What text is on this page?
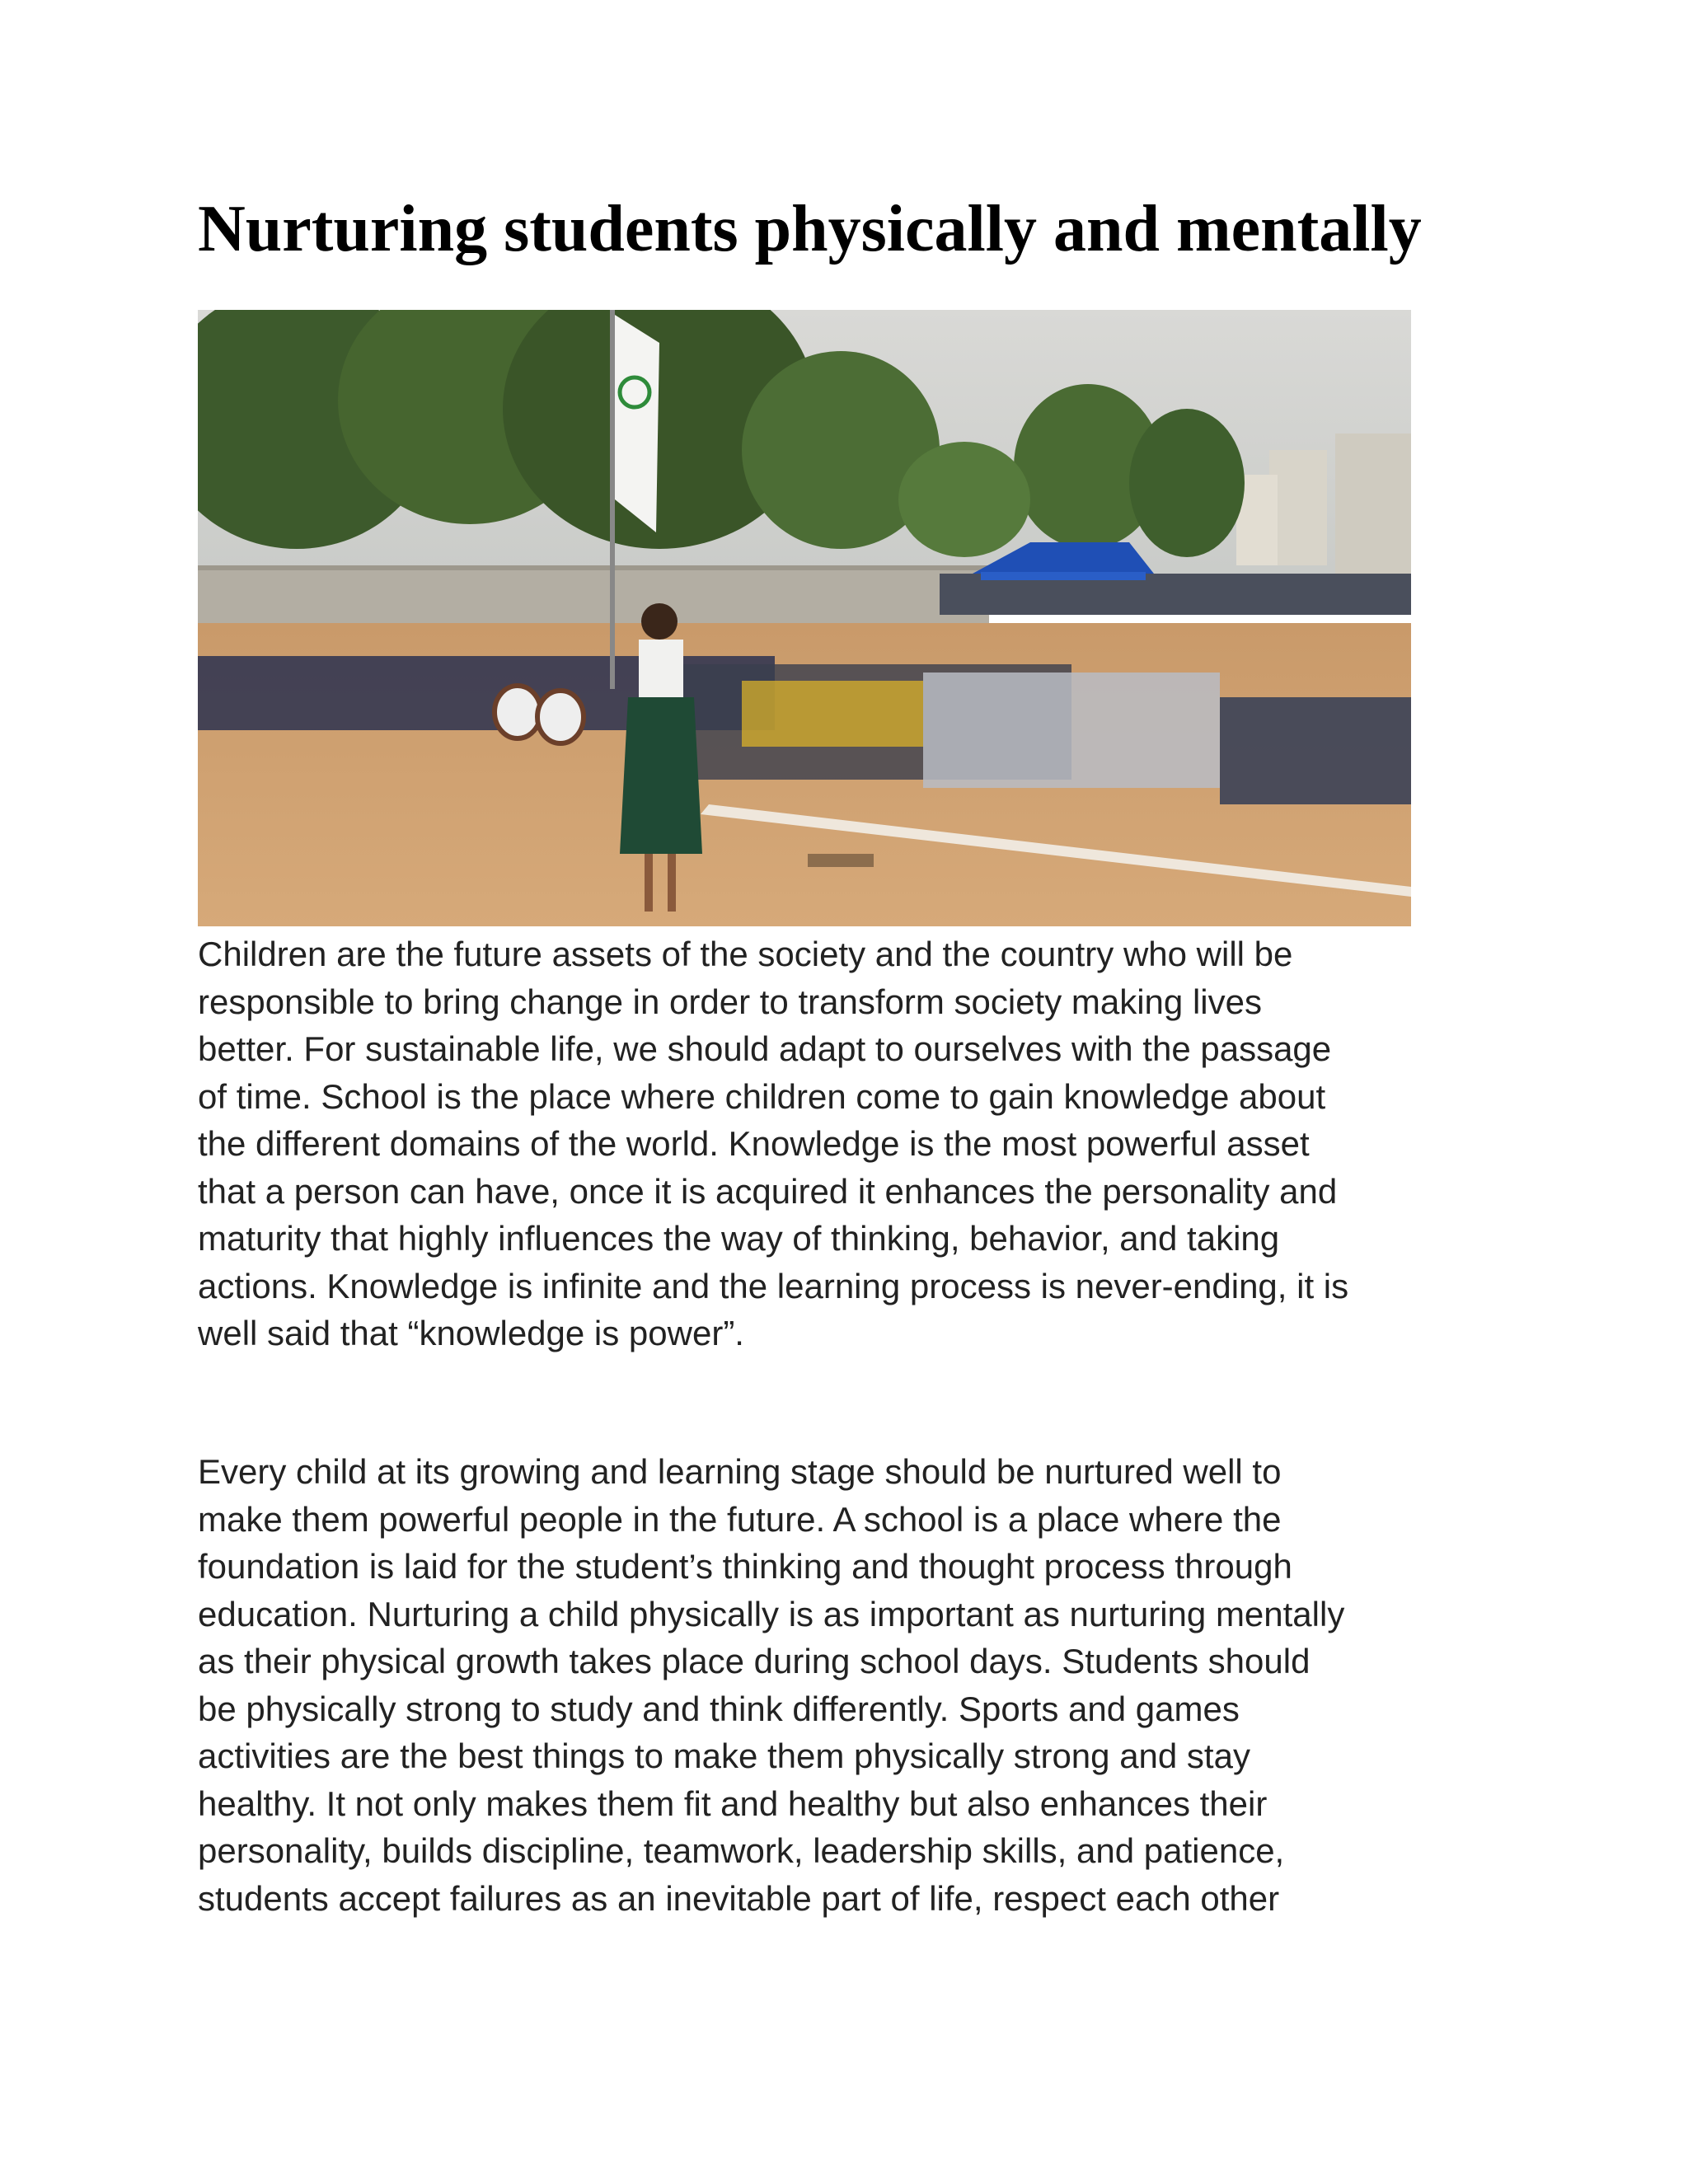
Nurturing students physically and mentally
Children are the future assets of the society and the country who will be
responsible to bring change in order to transform society making lives
better. For sustainable life, we should adapt to ourselves with the passage
of time. School is the place where children come to gain knowledge about
the different domains of the world. Knowledge is the most powerful asset
that a person can have, once it is acquired it enhances the personality and
maturity that highly influences the way of thinking, behavior, and taking
actions. Knowledge is infinite and the learning process is never-ending, it is
well said that “knowledge is power”.
Every child at its growing and learning stage should be nurtured well to
make them powerful people in the future. A school is a place where the
foundation is laid for the student’s thinking and thought process through
education. Nurturing a child physically is as important as nurturing mentally
as their physical growth takes place during school days. Students should
be physically strong to study and think differently. Sports and games
activities are the best things to make them physically strong and stay
healthy. It not only makes them fit and healthy but also enhances their
personality, builds discipline, teamwork, leadership skills, and patience,
students accept failures as an inevitable part of life, respect each other
